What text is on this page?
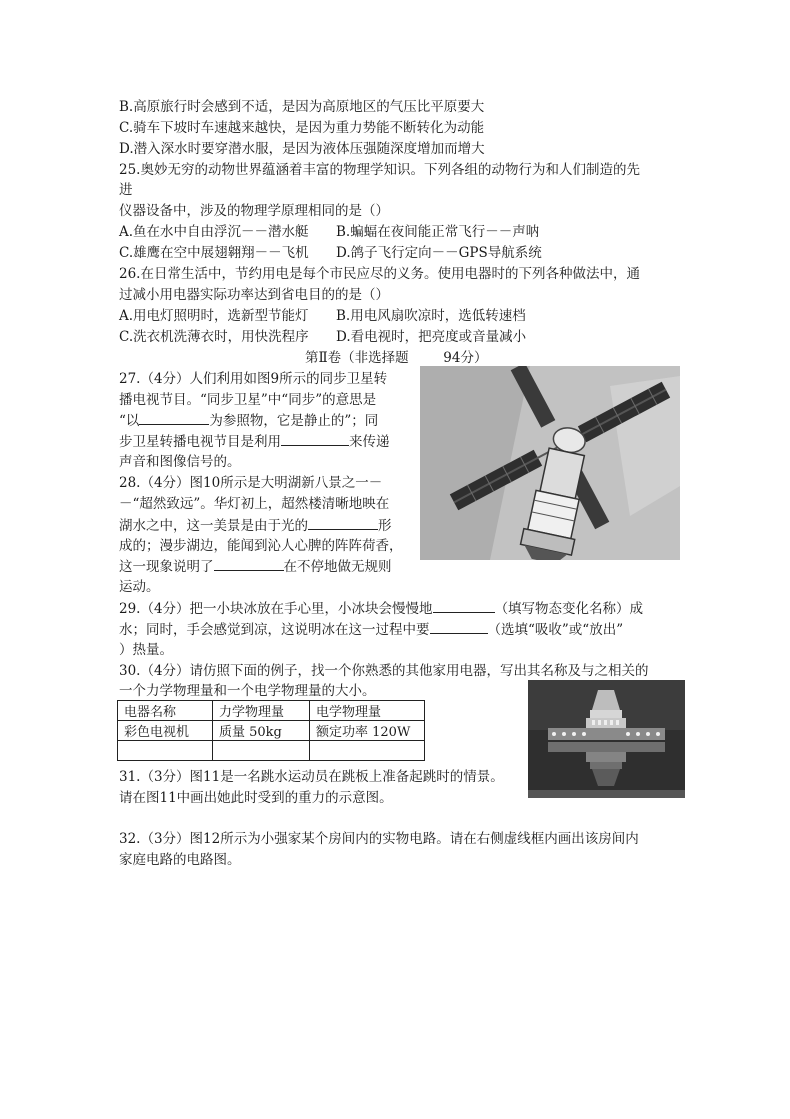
B.高原旅行时会感到不适，是因为高原地区的气压比平原要大
C.骑车下坡时车速越来越快，是因为重力势能不断转化为动能
D.潜入深水时要穿潜水服，是因为液体压强随深度增加而增大
25.奥妙无穷的动物世界蕴涵着丰富的物理学知识。下列各组的动物行为和人们制造的先
进
仪器设备中，涉及的物理学原理相同的是（）
A.鱼在水中自由浮沉－－潜水艇 B.蝙蝠在夜间能正常飞行－－声呐
C.雄鹰在空中展翅翱翔－－飞机 D.鸽子飞行定向－－GPS导航系统
26.在日常生活中，节约用电是每个市民应尽的义务。使用电器时的下列各种做法中，通
过减小用电器实际功率达到省电目的的是（）
A.用电灯照明时，选新型节能灯 B.用电风扇吹凉时，选低转速档
C.洗衣机洗薄衣时，用快洗程序 D.看电视时，把亮度或音量减小
第Ⅱ卷（非选择题	94分）
27.（4分）人们利用如图9所示的同步卫星转
播电视节目。“同步卫星”中“同步”的意思是
“以	为参照物，它是静止的”；同
步卫星转播电视节目是利用	来传递
声音和图像信号的。
28.（4分）图10所示是大明湖新八景之一－
－“超然致远”。华灯初上，超然楼清晰地映在
湖水之中，这一美景是由于光的	形
成的；漫步湖边，能闻到沁人心脾的阵阵荷香，
这一现象说明了	在不停地做无规则
运动。
29.（4分）把一小块冰放在手心里，小冰块会慢慢地	（填写物态变化名称）成
水；同时，手会感觉到凉，这说明冰在这一过程中要	（选填“吸收”或“放出”
）热量。
30.（4分）请仿照下面的例子，找一个你熟悉的其他家用电器，写出其名称及与之相关的
一个力学物理量和一个电学物理量的大小。
电器名称	力学物理量	电学物理量
彩色电视机	质量 50kg	额定功率 120W

31.（3分）图11是一名跳水运动员在跳板上准备起跳时的情景。
请在图11中画出她此时受到的重力的示意图。
32.（3分）图12所示为小强家某个房间内的实物电路。请在右侧虚线框内画出该房间内
家庭电路的电路图。
